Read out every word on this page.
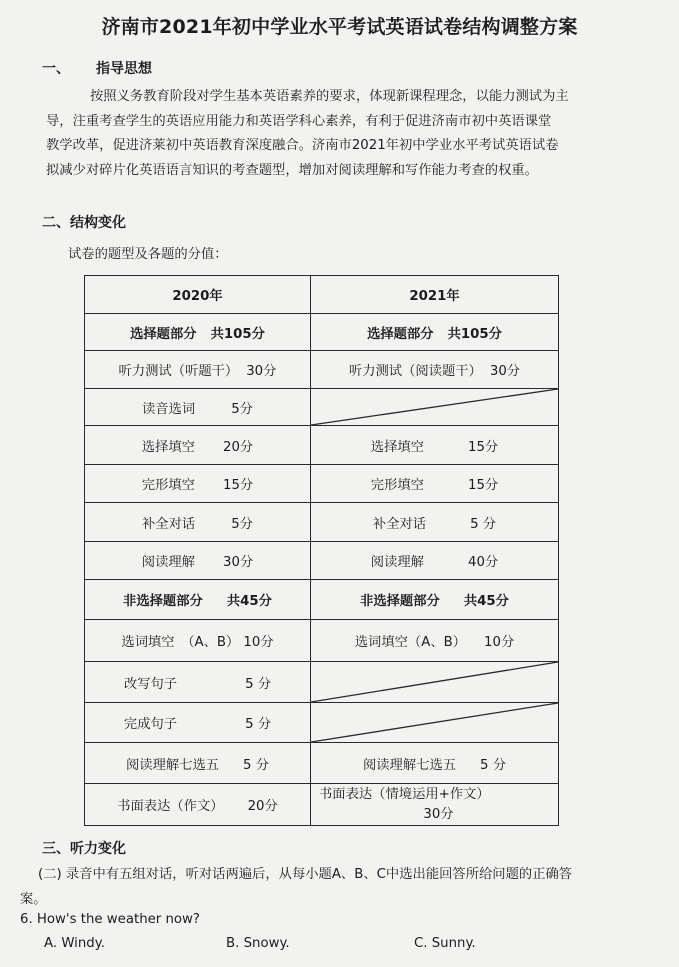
济南市2021年初中学业水平考试英语试卷结构调整方案
一、 指导思想
按照义务教育阶段对学生基本英语素养的要求，体现新课程理念，以能力测试为主
导，注重考查学生的英语应用能力和英语学科心素养，有利于促进济南市初中英语课堂
教学改革，促进济莱初中英语教育深度融合。济南市2021年初中学业水平考试英语试卷
拟减少对碎片化英语语言知识的考查题型，增加对阅读理解和写作能力考查的权重。
二、结构变化
试卷的题型及各题的分值：
2020年	2021年

选择题部分 共105分	选择题部分 共105分

听力测试（听题干） 30分	听力测试（阅读题干） 30分

读音选词 5分

选择填空 20分	选择填空 15分

完形填空 15分	完形填空 15分

补全对话 5分	补全对话 5 分

阅读理解 30分	阅读理解 40分

非选择题部分 共45分	非选择题部分 共45分

选词填空　（A、B） 10分	选词填空（A、B） 10分

改写句子 5 分

完成句子 5 分

阅读理解七选五 5 分	阅读理解七选五 5 分

书面表达（作文） 20分	书面表达（情境运用+作文）
30分
三、听力变化
(二) 录音中有五组对话，听对话两遍后，从每小题A、B、C中选出能回答所给问题的正确答
案。
6. How's the weather now?
A. Windy.	B. Snowy.	C. Sunny.
